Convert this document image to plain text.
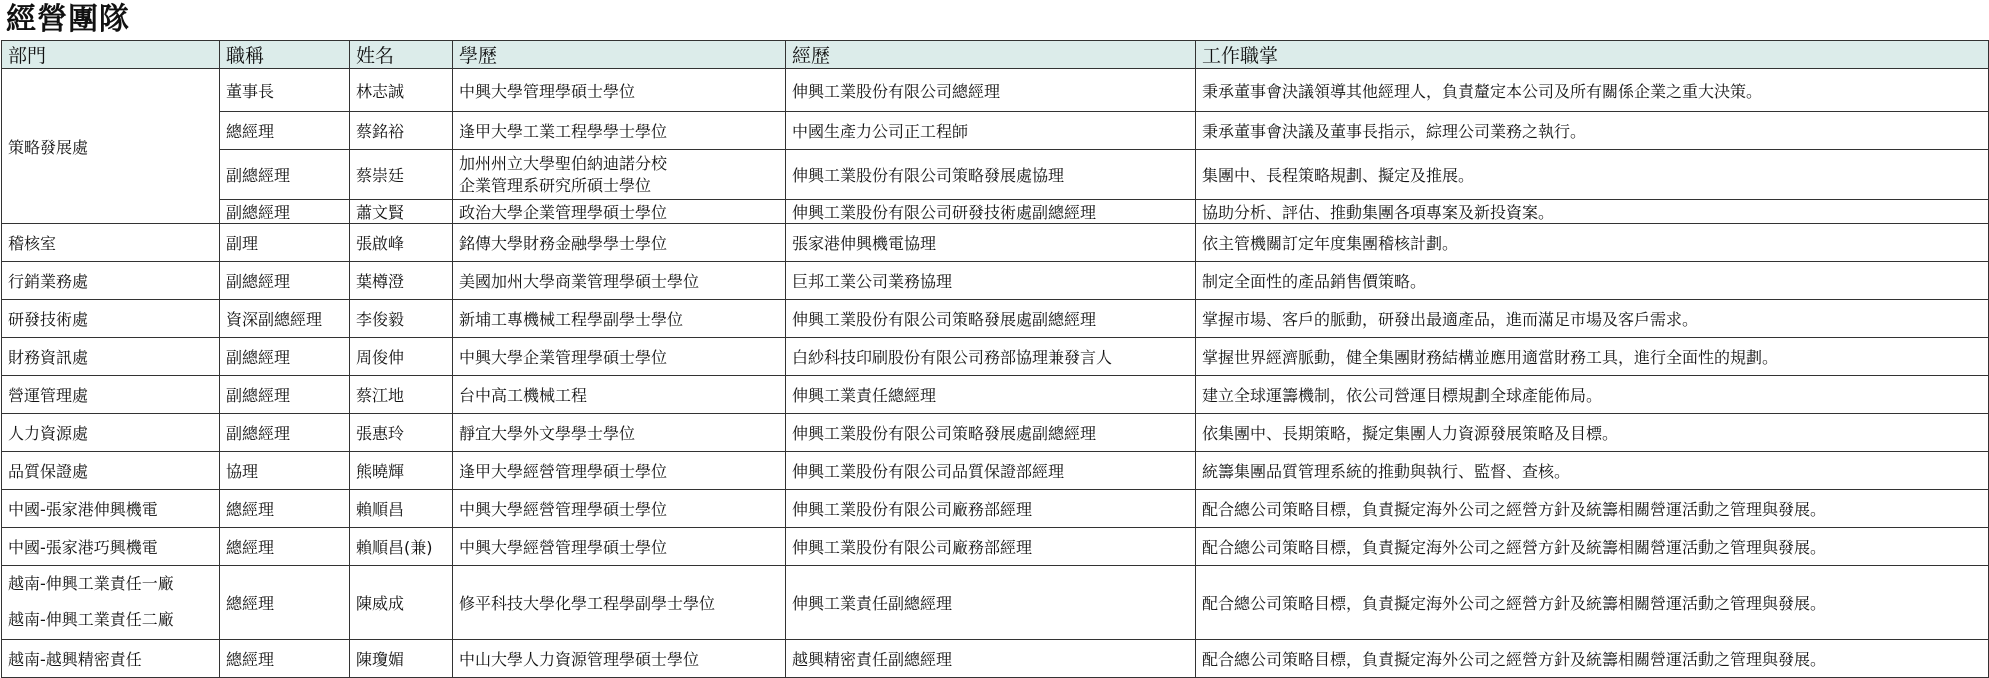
經營團隊
部門	職稱	姓名	學歷	經歷	工作職掌
策略發展處	董事長	林志誠	中興大學管理學碩士學位	伸興工業股份有限公司總經理	秉承董事會決議領導其他經理人，負責釐定本公司及所有關係企業之重大決策。
	總經理	蔡銘裕	逢甲大學工業工程學學士學位	中國生產力公司正工程師	秉承董事會決議及董事長指示，綜理公司業務之執行。
	副總經理	蔡崇廷	加州州立大學聖伯納迪諾分校
企業管理系研究所碩士學位	伸興工業股份有限公司策略發展處協理	集團中、長程策略規劃、擬定及推展。
	副總經理	蕭文賢	政治大學企業管理學碩士學位	伸興工業股份有限公司研發技術處副總經理	協助分析、評估、推動集團各項專案及新投資案。
稽核室	副理	張啟峰	銘傳大學財務金融學學士學位	張家港伸興機電協理	依主管機關訂定年度集團稽核計劃。
行銷業務處	副總經理	葉樽澄	美國加州大學商業管理學碩士學位	巨邦工業公司業務協理	制定全面性的產品銷售價策略。
研發技術處	資深副總經理	李俊毅	新埔工專機械工程學副學士學位	伸興工業股份有限公司策略發展處副總經理	掌握市場、客戶的脈動，研發出最適產品，進而滿足市場及客戶需求。
財務資訊處	副總經理	周俊伸	中興大學企業管理學碩士學位	白紗科技印刷股份有限公司務部協理兼發言人	掌握世界經濟脈動，健全集團財務結構並應用適當財務工具，進行全面性的規劃。
營運管理處	副總經理	蔡江地	台中高工機械工程	伸興工業責任總經理	建立全球運籌機制，依公司營運目標規劃全球產能佈局。
人力資源處	副總經理	張惠玲	靜宜大學外文學學士學位	伸興工業股份有限公司策略發展處副總經理	依集團中、長期策略，擬定集團人力資源發展策略及目標。
品質保證處	協理	熊曉輝	逢甲大學經營管理學碩士學位	伸興工業股份有限公司品質保證部經理	統籌集團品質管理系統的推動與執行、監督、查核。
中國-張家港伸興機電	總經理	賴順昌	中興大學經營管理學碩士學位	伸興工業股份有限公司廠務部經理	配合總公司策略目標，負責擬定海外公司之經營方針及統籌相關營運活動之管理與發展。
中國-張家港巧興機電	總經理	賴順昌(兼)	中興大學經營管理學碩士學位	伸興工業股份有限公司廠務部經理	配合總公司策略目標，負責擬定海外公司之經營方針及統籌相關營運活動之管理與發展。

越南-伸興工業責任一廠
越南-伸興工業責任二廠	總經理	陳威成	修平科技大學化學工程學副學士學位	伸興工業責任副總經理	配合總公司策略目標，負責擬定海外公司之經營方針及統籌相關營運活動之管理與發展。
越南-越興精密責任	總經理	陳瓊媚	中山大學人力資源管理學碩士學位	越興精密責任副總經理	配合總公司策略目標，負責擬定海外公司之經營方針及統籌相關營運活動之管理與發展。
